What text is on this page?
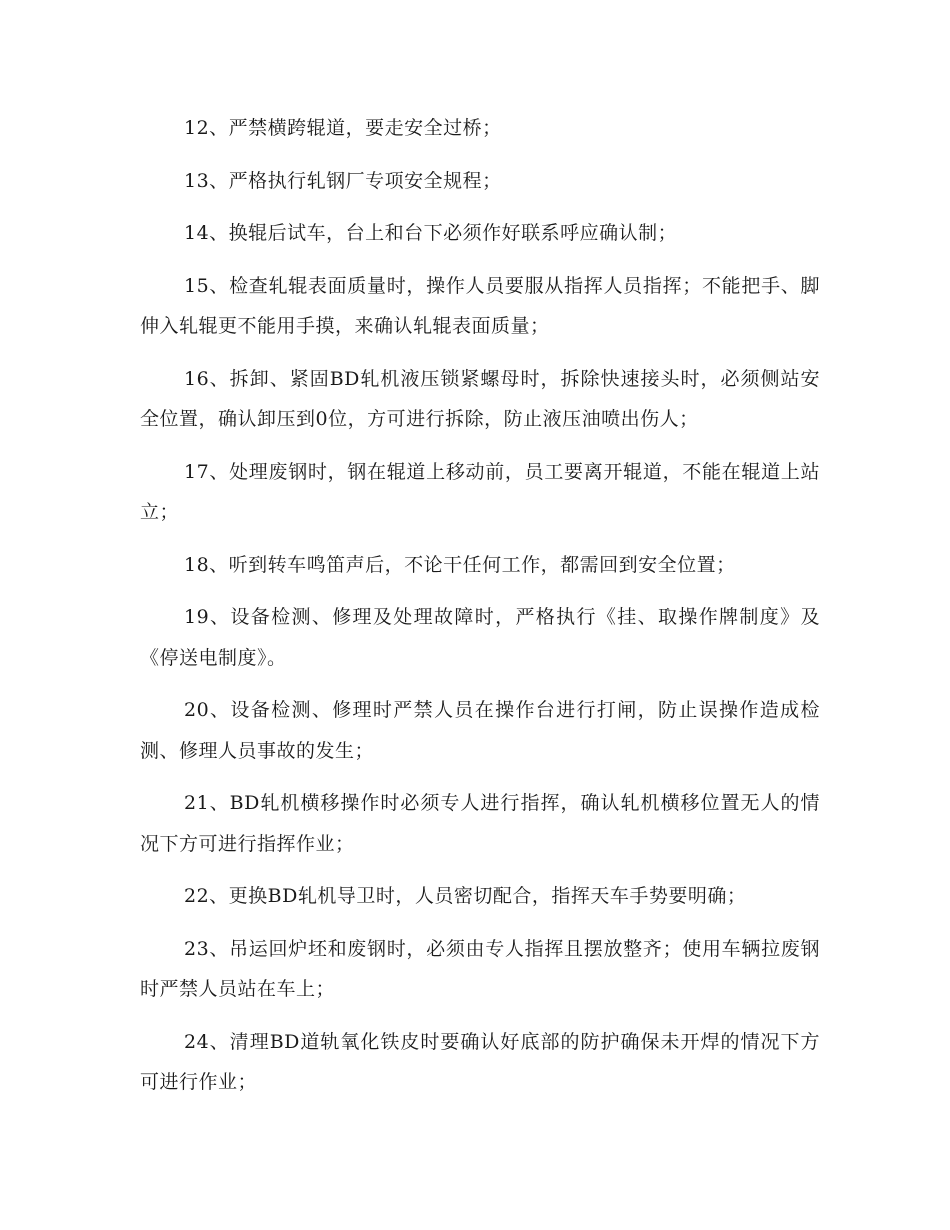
12、严禁横跨辊道，要走安全过桥；

13、严格执行轧钢厂专项安全规程；

14、换辊后试车，台上和台下必须作好联系呼应确认制；

15、检查轧辊表面质量时，操作人员要服从指挥人员指挥；不能把手、脚伸入轧辊更不能用手摸，来确认轧辊表面质量；

16、拆卸、紧固BD轧机液压锁紧螺母时，拆除快速接头时，必须侧站安全位置，确认卸压到0位，方可进行拆除，防止液压油喷出伤人；

17、处理废钢时，钢在辊道上移动前，员工要离开辊道，不能在辊道上站立；

18、听到转车鸣笛声后，不论干任何工作，都需回到安全位置；

19、设备检测、修理及处理故障时，严格执行《挂、取操作牌制度》及《停送电制度》。

20、设备检测、修理时严禁人员在操作台进行打闸，防止误操作造成检测、修理人员事故的发生；

21、BD轧机横移操作时必须专人进行指挥，确认轧机横移位置无人的情况下方可进行指挥作业；

22、更换BD轧机导卫时，人员密切配合，指挥天车手势要明确；

23、吊运回炉坯和废钢时，必须由专人指挥且摆放整齐；使用车辆拉废钢时严禁人员站在车上；

24、清理BD道轨氧化铁皮时要确认好底部的防护确保未开焊的情况下方可进行作业；
